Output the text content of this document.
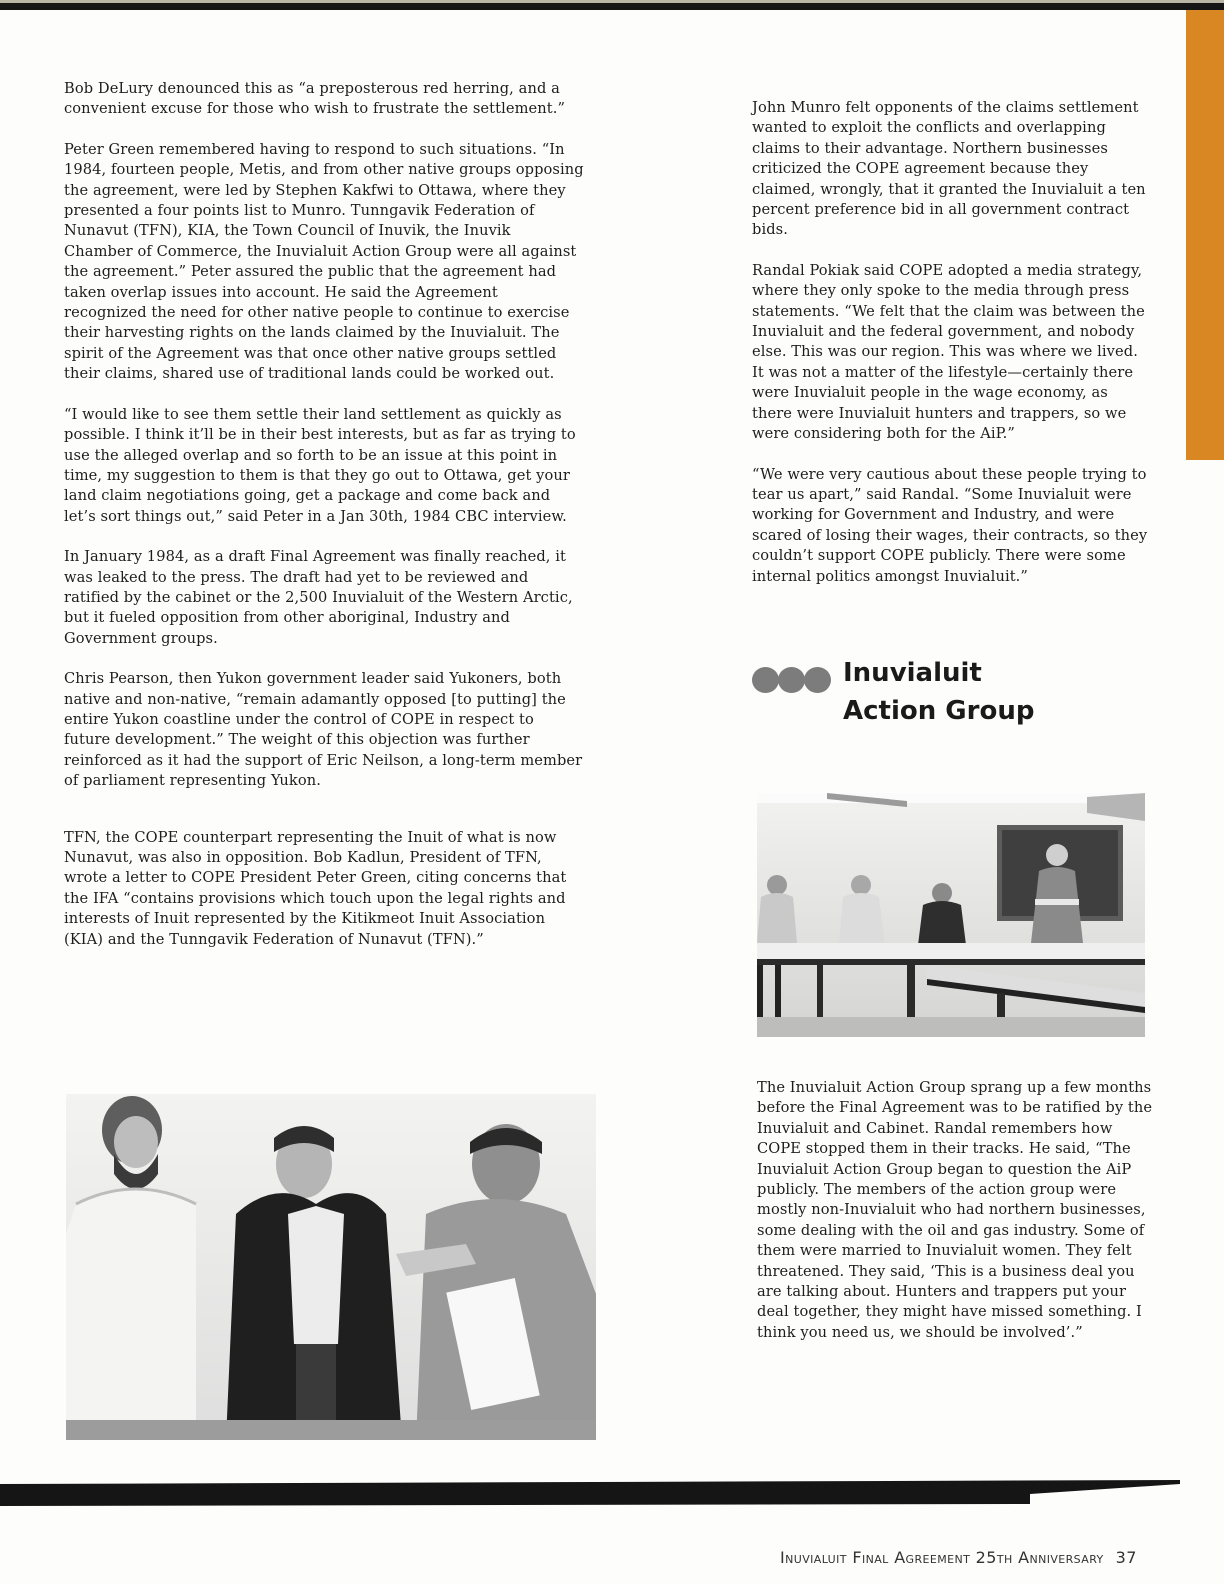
Bob DeLury denounced this as “a preposterous red herring, and a convenient excuse for those who wish to frustrate the settlement.”

Peter Green remembered having to respond to such situations. “In 1984, fourteen people, Metis, and from other native groups opposing the agreement, were led by Stephen Kakfwi to Ottawa, where they presented a four points list to Munro. Tunngavik Federation of Nunavut (TFN), KIA, the Town Council of Inuvik, the Inuvik Chamber of Commerce, the Inuvialuit Action Group were all against the agreement.” Peter assured the public that the agreement had taken overlap issues into account. He said the Agreement recognized the need for other native people to continue to exercise their harvesting rights on the lands claimed by the Inuvialuit. The spirit of the Agreement was that once other native groups settled their claims, shared use of traditional lands could be worked out.

“I would like to see them settle their land settlement as quickly as possible. I think it’ll be in their best interests, but as far as trying to use the alleged overlap and so forth to be an issue at this point in time, my suggestion to them is that they go out to Ottawa, get your land claim negotiations going, get a package and come back and let’s sort things out,” said Peter in a Jan 30th, 1984 CBC interview.

In January 1984, as a draft Final Agreement was finally reached, it was leaked to the press. The draft had yet to be reviewed and ratified by the cabinet or the 2,500 Inuvialuit of the Western Arctic, but it fueled opposition from other aboriginal, Industry and Government groups.

Chris Pearson, then Yukon government leader said Yukoners, both native and non-native, “remain adamantly opposed [to putting] the entire Yukon coastline under the control of COPE in respect to future development.” The weight of this objection was further reinforced as it had the support of Eric Neilson, a long-term member of parliament representing Yukon.

TFN, the COPE counterpart representing the Inuit of what is now Nunavut, was also in opposition. Bob Kadlun, President of TFN, wrote a letter to COPE President Peter Green, citing concerns that the IFA “contains provisions which touch upon the legal rights and interests of Inuit represented by the Kitikmeot Inuit Association (KIA) and the Tunngavik Federation of Nunavut (TFN).”

John Munro felt opponents of the claims settlement wanted to exploit the conflicts and overlapping claims to their advantage. Northern businesses criticized the COPE agreement because they claimed, wrongly, that it granted the Inuvialuit a ten percent preference bid in all government contract bids.

Randal Pokiak said COPE adopted a media strategy, where they only spoke to the media through press statements. “We felt that the claim was between the Inuvialuit and the federal government, and nobody else. This was our region. This was where we lived. It was not a matter of the lifestyle—certainly there were Inuvialuit people in the wage economy, as there were Inuvialuit hunters and trappers, so we were considering both for the AiP.”

“We were very cautious about these people trying to tear us apart,” said Randal. “Some Inuvialuit were working for Government and Industry, and were scared of losing their wages, their contracts, so they couldn’t support COPE publicly. There were some internal politics amongst Inuvialuit.”

Inuvialuit
Action Group

The Inuvialuit Action Group sprang up a few months before the Final Agreement was to be ratified by the Inuvialuit and Cabinet. Randal remembers how COPE stopped them in their tracks. He said, “The Inuvialuit Action Group began to question the AiP publicly. The members of the action group were mostly non-Inuvialuit who had northern businesses, some dealing with the oil and gas industry. Some of them were married to Inuvialuit women. They felt threatened. They said, ‘This is a business deal you are talking about. Hunters and trappers put your deal together, they might have missed something. I think you need us, we should be involved’.”

Inuvialuit Final Agreement 25th Anniversary 37
